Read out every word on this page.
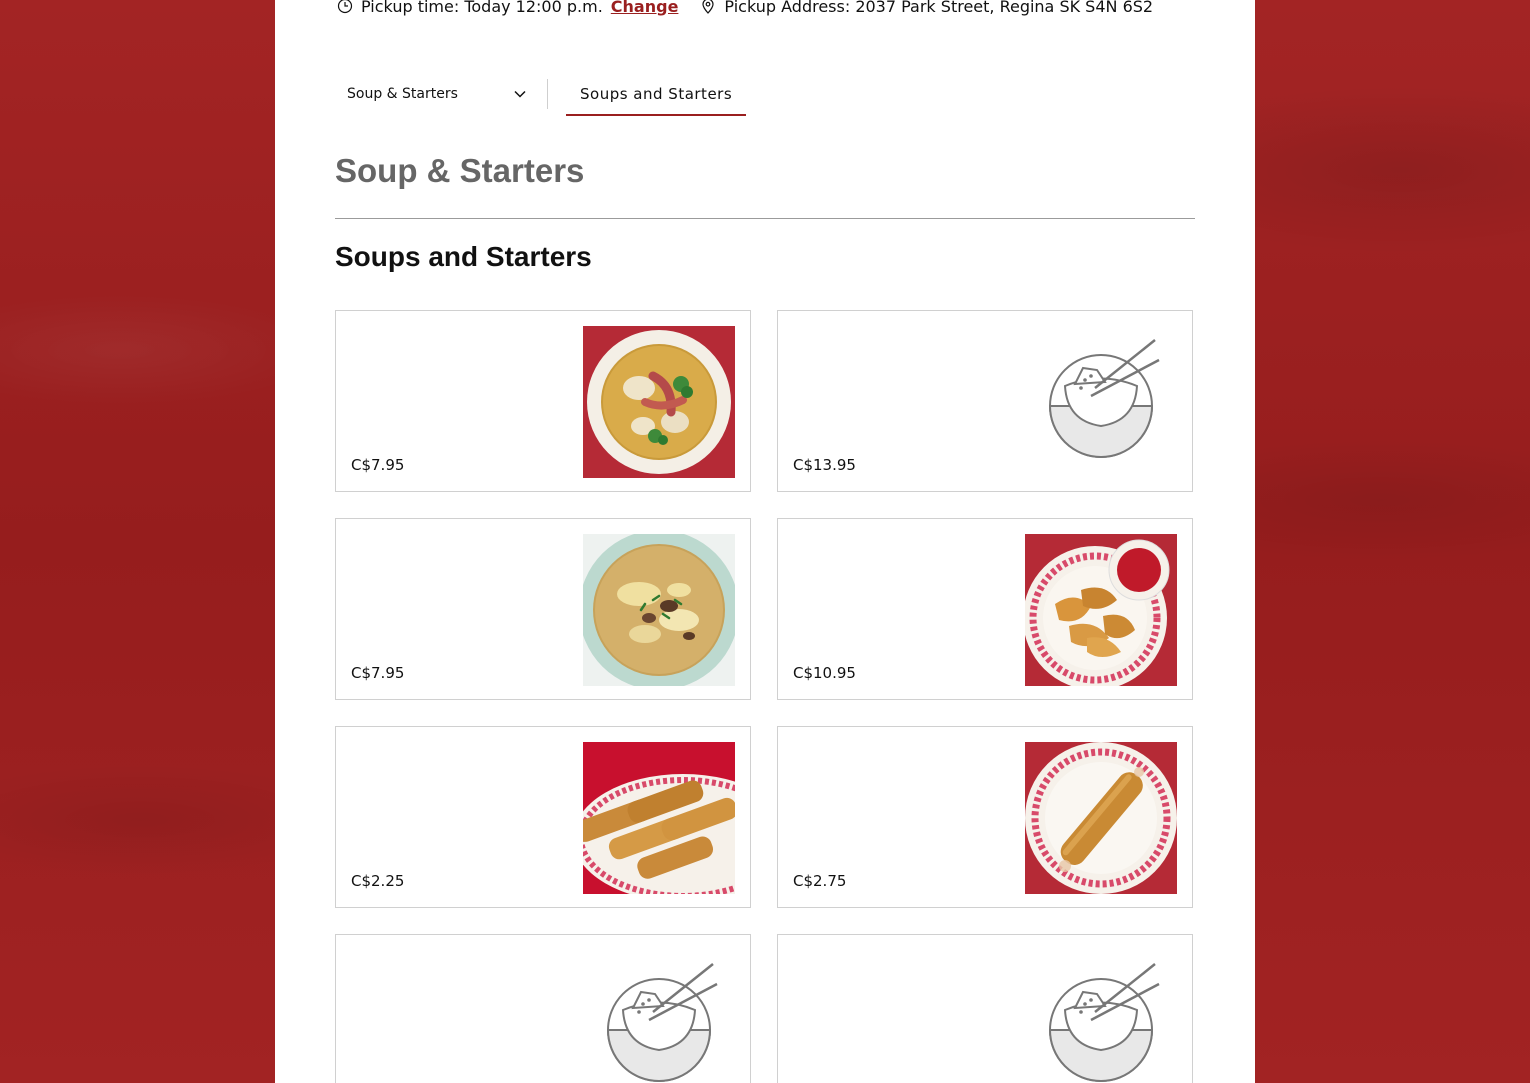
Pickup time: Today 12:00 p.m. Change	Pickup Address: 2037 Park Street, Regina SK S4N 6S2
Soup & Starters	Soups and Starters
Soup & Starters
Soups and Starters
C$7.95	C$13.95
C$7.95	C$10.95
C$2.25	C$2.75
